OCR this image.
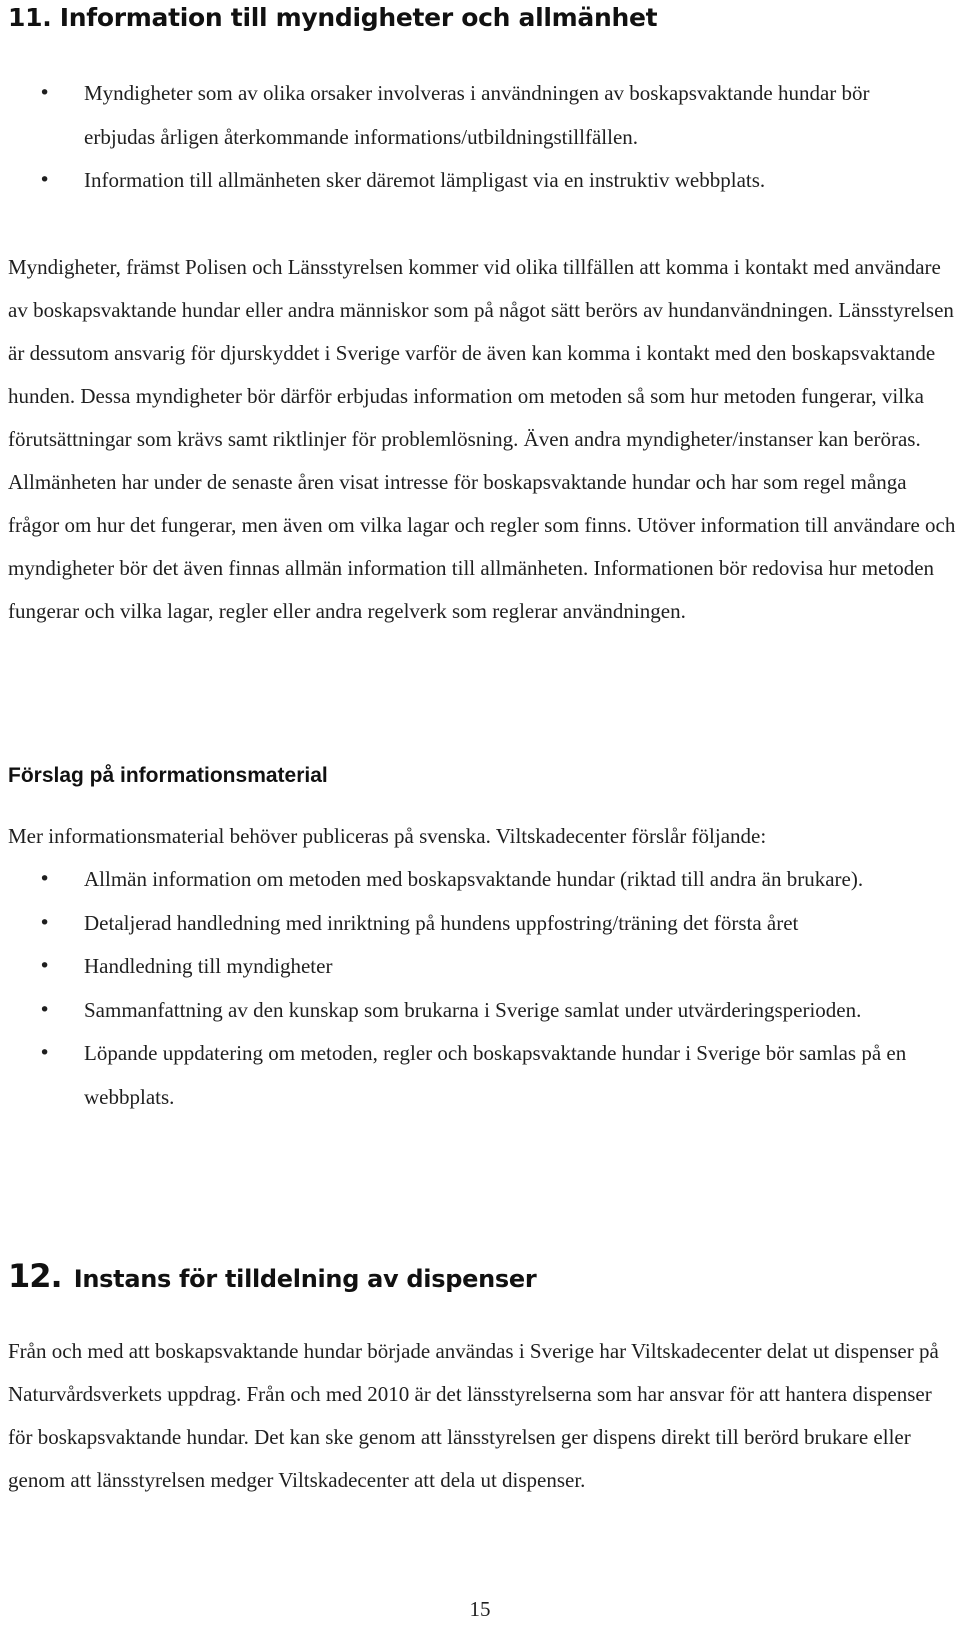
11. Information till myndigheter och allmänhet
• Myndigheter som av olika orsaker involveras i användningen av boskapsvaktande hundar bör erbjudas årligen återkommande informations/utbildningstillfällen.
• Information till allmänheten sker däremot lämpligast via en instruktiv webbplats.

Myndigheter, främst Polisen och Länsstyrelsen kommer vid olika tillfällen att komma i kontakt med användare av boskapsvaktande hundar eller andra människor som på något sätt berörs av hundanvändningen. Länsstyrelsen är dessutom ansvarig för djurskyddet i Sverige varför de även kan komma i kontakt med den boskapsvaktande hunden. Dessa myndigheter bör därför erbjudas information om metoden så som hur metoden fungerar, vilka förutsättningar som krävs samt riktlinjer för problemlösning. Även andra myndigheter/instanser kan beröras. Allmänheten har under de senaste åren visat intresse för boskapsvaktande hundar och har som regel många frågor om hur det fungerar, men även om vilka lagar och regler som finns. Utöver information till användare och myndigheter bör det även finnas allmän information till allmänheten. Informationen bör redovisa hur metoden fungerar och vilka lagar, regler eller andra regelverk som reglerar användningen.

Förslag på informationsmaterial

Mer informationsmaterial behöver publiceras på svenska. Viltskadecenter förslår följande:

• Allmän information om metoden med boskapsvaktande hundar (riktad till andra än brukare).
• Detaljerad handledning med inriktning på hundens uppfostring/träning det första året
• Handledning till myndigheter
• Sammanfattning av den kunskap som brukarna i Sverige samlat under utvärderingsperioden.
• Löpande uppdatering om metoden, regler och boskapsvaktande hundar i Sverige bör samlas på en webbplats.
12. Instans för tilldelning av dispenser

Från och med att boskapsvaktande hundar började användas i Sverige har Viltskadecenter delat ut dispenser på Naturvårdsverkets uppdrag. Från och med 2010 är det länsstyrelserna som har ansvar för att hantera dispenser för boskapsvaktande hundar. Det kan ske genom att länsstyrelsen ger dispens direkt till berörd brukare eller genom att länsstyrelsen medger Viltskadecenter att dela ut dispenser.

15
